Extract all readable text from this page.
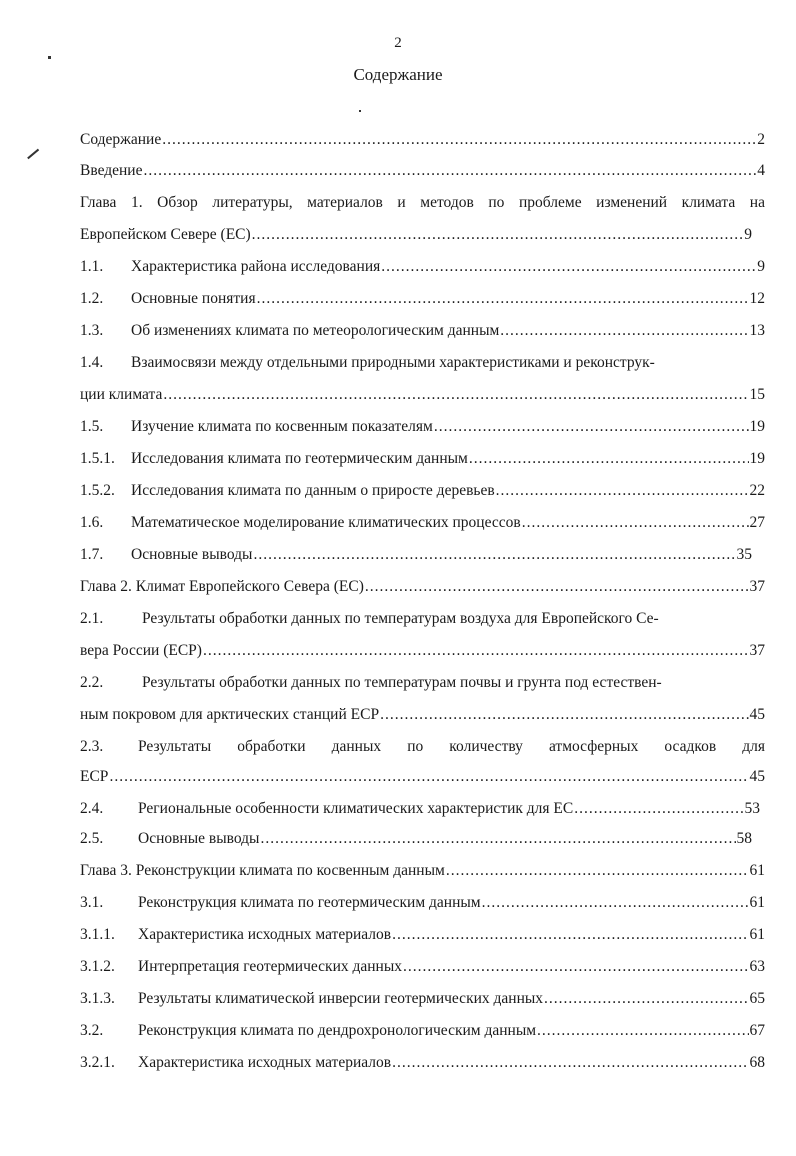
2
Содержание
Содержание .....	2
Введение .....	4
Глава 1. Обзор литературы, материалов и методов по проблеме изменений климата на
Европейском Севере (ЕС) .....	9
1.1.	Характеристика района исследования .....	9
1.2.	Основные понятия .....	12
1.3.	Об изменениях климата по метеорологическим данным .....	13
1.4.	Взаимосвязи между отдельными природными характеристиками и реконструк-
ции климата .....	15
1.5.	Изучение климата по косвенным показателям .....	19
1.5.1.	Исследования климата по геотермическим данным .....	19
1.5.2.	Исследования климата по данным о приросте деревьев .....	22
1.6.	Математическое моделирование климатических процессов .....	27
1.7.	Основные выводы .....	35
Глава 2. Климат Европейского Севера (ЕС) .....	37
2.1.	Результаты обработки данных по температурам воздуха для Европейского Се-
вера России (ЕСР) .....	37
2.2.	Результаты обработки данных по температурам почвы и грунта под естествен-
ным покровом для арктических станций ЕСР .....	45
2.3.	Результаты обработки данных по количеству атмосферных осадков для
ЕСР .....	45
2.4.	Региональные особенности климатических характеристик для ЕС .....	53
2.5.	Основные выводы .....	58
Глава 3. Реконструкции климата по косвенным данным .....	61
3.1.	Реконструкция климата по геотермическим данным .....	61
3.1.1.	Характеристика исходных материалов .....	61
3.1.2.	Интерпретация геотермических данных .....	63
3.1.3.	Результаты климатической инверсии геотермических данных .....	65
3.2.	Реконструкция климата по дендрохронологическим данным .....	67
3.2.1.	Характеристика исходных материалов .....	68
